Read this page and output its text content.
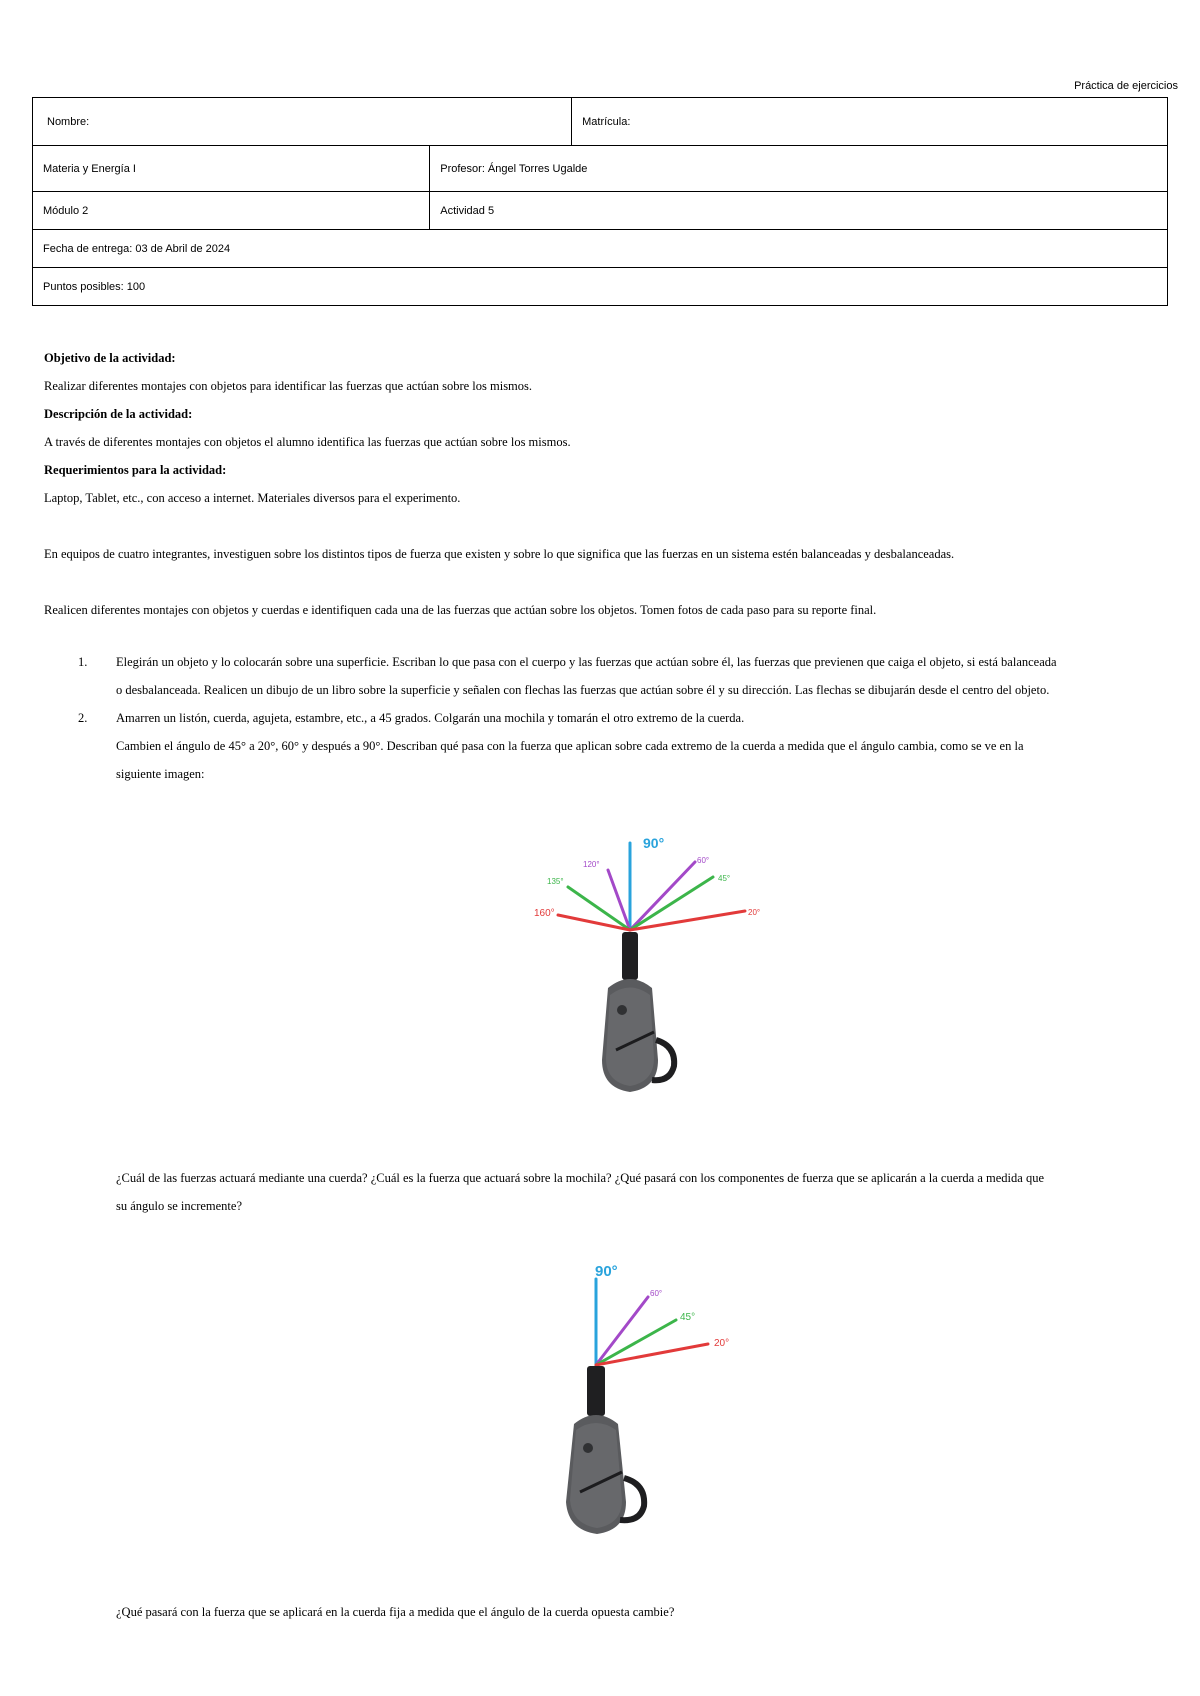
Práctica de ejercicios
Nombre:		Matrícula:
Materia y Energía I	Profesor: Ángel Torres Ugalde	
Módulo 2	Actividad 5	
Fecha de entrega: 03 de Abril de 2024		
Puntos posibles: 100		

Objetivo de la actividad:

Realizar diferentes montajes con objetos para identificar las fuerzas que actúan sobre los mismos.

Descripción de la actividad:

A través de diferentes montajes con objetos el alumno identifica las fuerzas que actúan sobre los mismos.

Requerimientos para la actividad:

Laptop, Tablet, etc., con acceso a internet. Materiales diversos para el experimento.

En equipos de cuatro integrantes, investiguen sobre los distintos tipos de fuerza que existen y sobre lo que significa que las fuerzas en un sistema estén balanceadas y desbalanceadas.

Realicen diferentes montajes con objetos y cuerdas e identifiquen cada una de las fuerzas que actúan sobre los objetos. Tomen fotos de cada paso para su reporte final.

1. Elegirán un objeto y lo colocarán sobre una superficie. Escriban lo que pasa con el cuerpo y las fuerzas que actúan sobre él, las fuerzas que previenen que caiga el objeto, si está balanceada
o desbalanceada. Realicen un dibujo de un libro sobre la superficie y señalen con flechas las fuerzas que actúan sobre él y su dirección. Las flechas se dibujarán desde el centro del objeto.
2. Amarren un listón, cuerda, agujeta, estambre, etc., a 45 grados. Colgarán una mochila y tomarán el otro extremo de la cuerda.
Cambien el ángulo de 45° a 20°, 60° y después a 90°. Describan qué pasa con la fuerza que aplican sobre cada extremo de la cuerda a medida que el ángulo cambia, como se ve en la
siguiente imagen:
90°
120°	60°
135°	45°
160°	20°
¿Cuál de las fuerzas actuará mediante una cuerda? ¿Cuál es la fuerza que actuará sobre la mochila? ¿Qué pasará con los componentes de fuerza que se aplicarán a la cuerda a medida que
su ángulo se incremente?
90°
60°
45°
20°
¿Qué pasará con la fuerza que se aplicará en la cuerda fija a medida que el ángulo de la cuerda opuesta cambie?
